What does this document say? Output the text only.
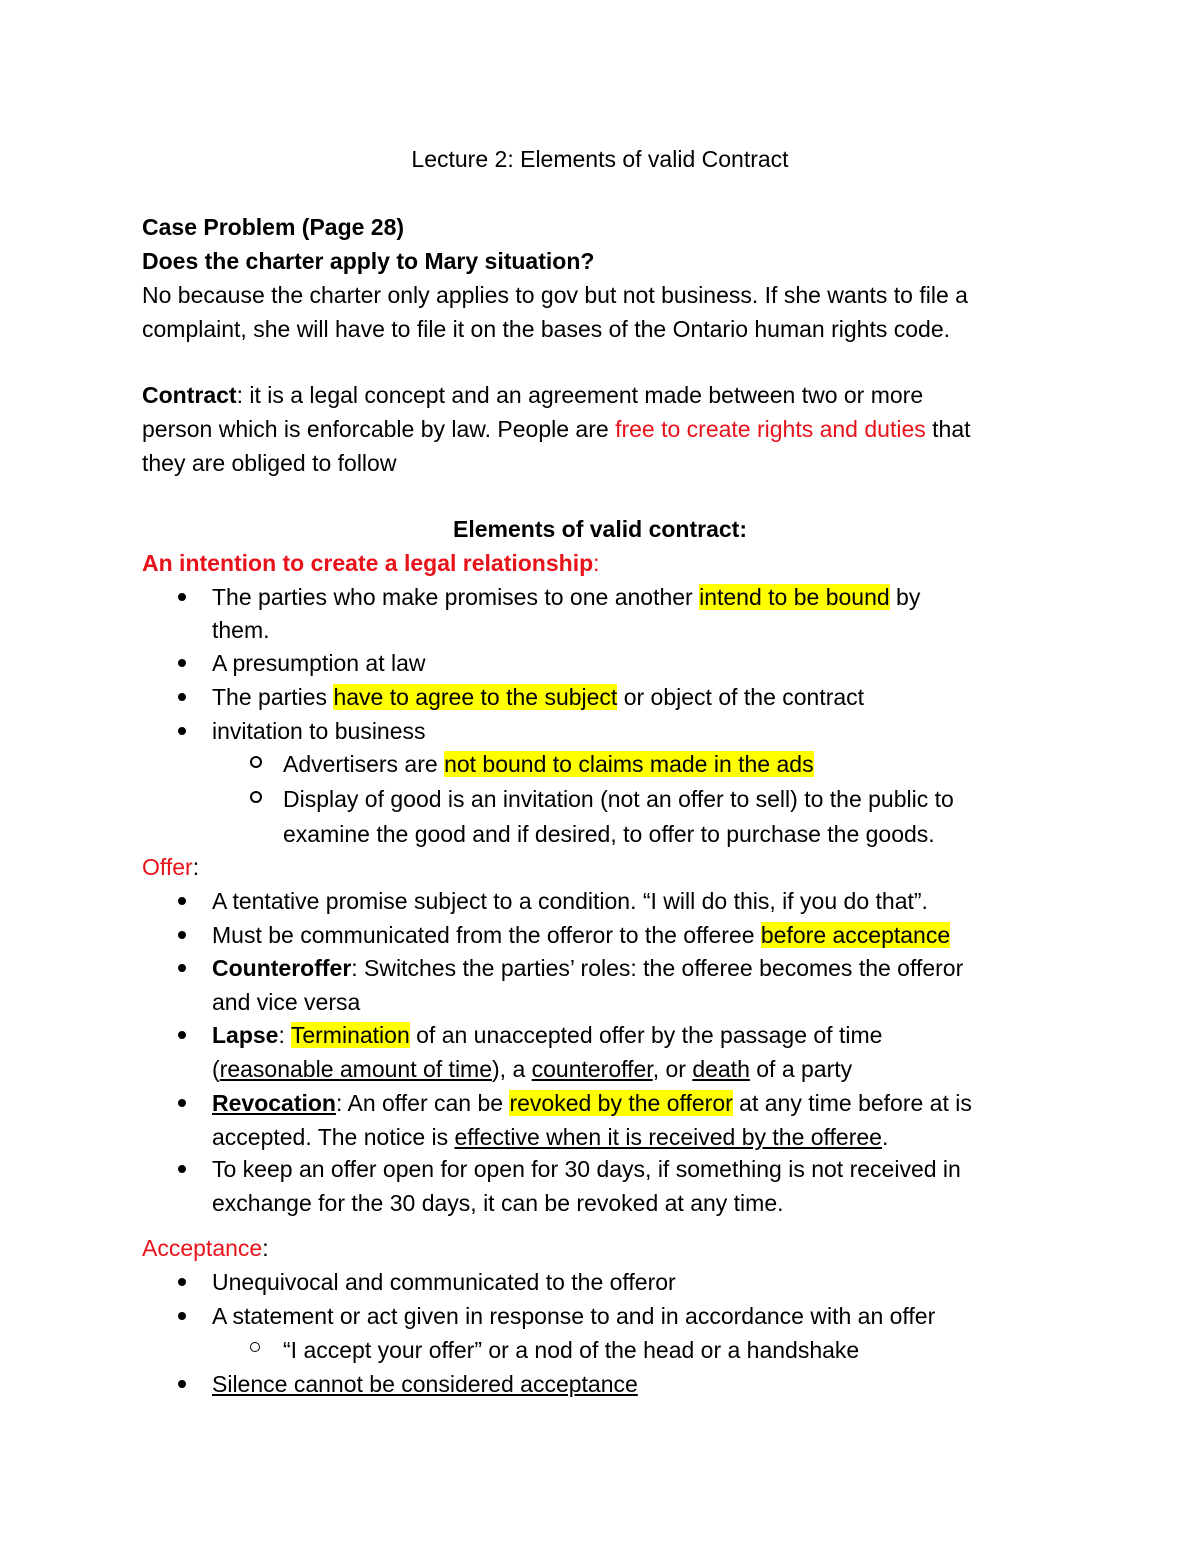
Lecture 2: Elements of valid Contract

Case Problem (Page 28)

Does the charter apply to Mary situation?

No because the charter only applies to gov but not business. If she wants to file a

complaint, she will have to file it on the bases of the Ontario human rights code.

Contract: it is a legal concept and an agreement made between two or more

person which is enforcable by law. People are free to create rights and duties that

they are obliged to follow

Elements of valid contract:

An intention to create a legal relationship:

The parties who make promises to one another intend to be bound by
them.
A presumption at law
The parties have to agree to the subject or object of the contract
invitation to business
Advertisers are not bound to claims made in the ads
Display of good is an invitation (not an offer to sell) to the public to
examine the good and if desired, to offer to purchase the goods.

Offer:

A tentative promise subject to a condition. “I will do this, if you do that”.
Must be communicated from the offeror to the offeree before acceptance
Counteroffer: Switches the parties’ roles: the offeree becomes the offeror
and vice versa
Lapse: Termination of an unaccepted offer by the passage of time
(reasonable amount of time), a counteroffer, or death of a party
Revocation: An offer can be revoked by the offeror at any time before at is
accepted. The notice is effective when it is received by the offeree.
To keep an offer open for open for 30 days, if something is not received in
exchange for the 30 days, it can be revoked at any time.

Acceptance:

Unequivocal and communicated to the offeror
A statement or act given in response to and in accordance with an offer
“I accept your offer” or a nod of the head or a handshake
Silence cannot be considered acceptance
